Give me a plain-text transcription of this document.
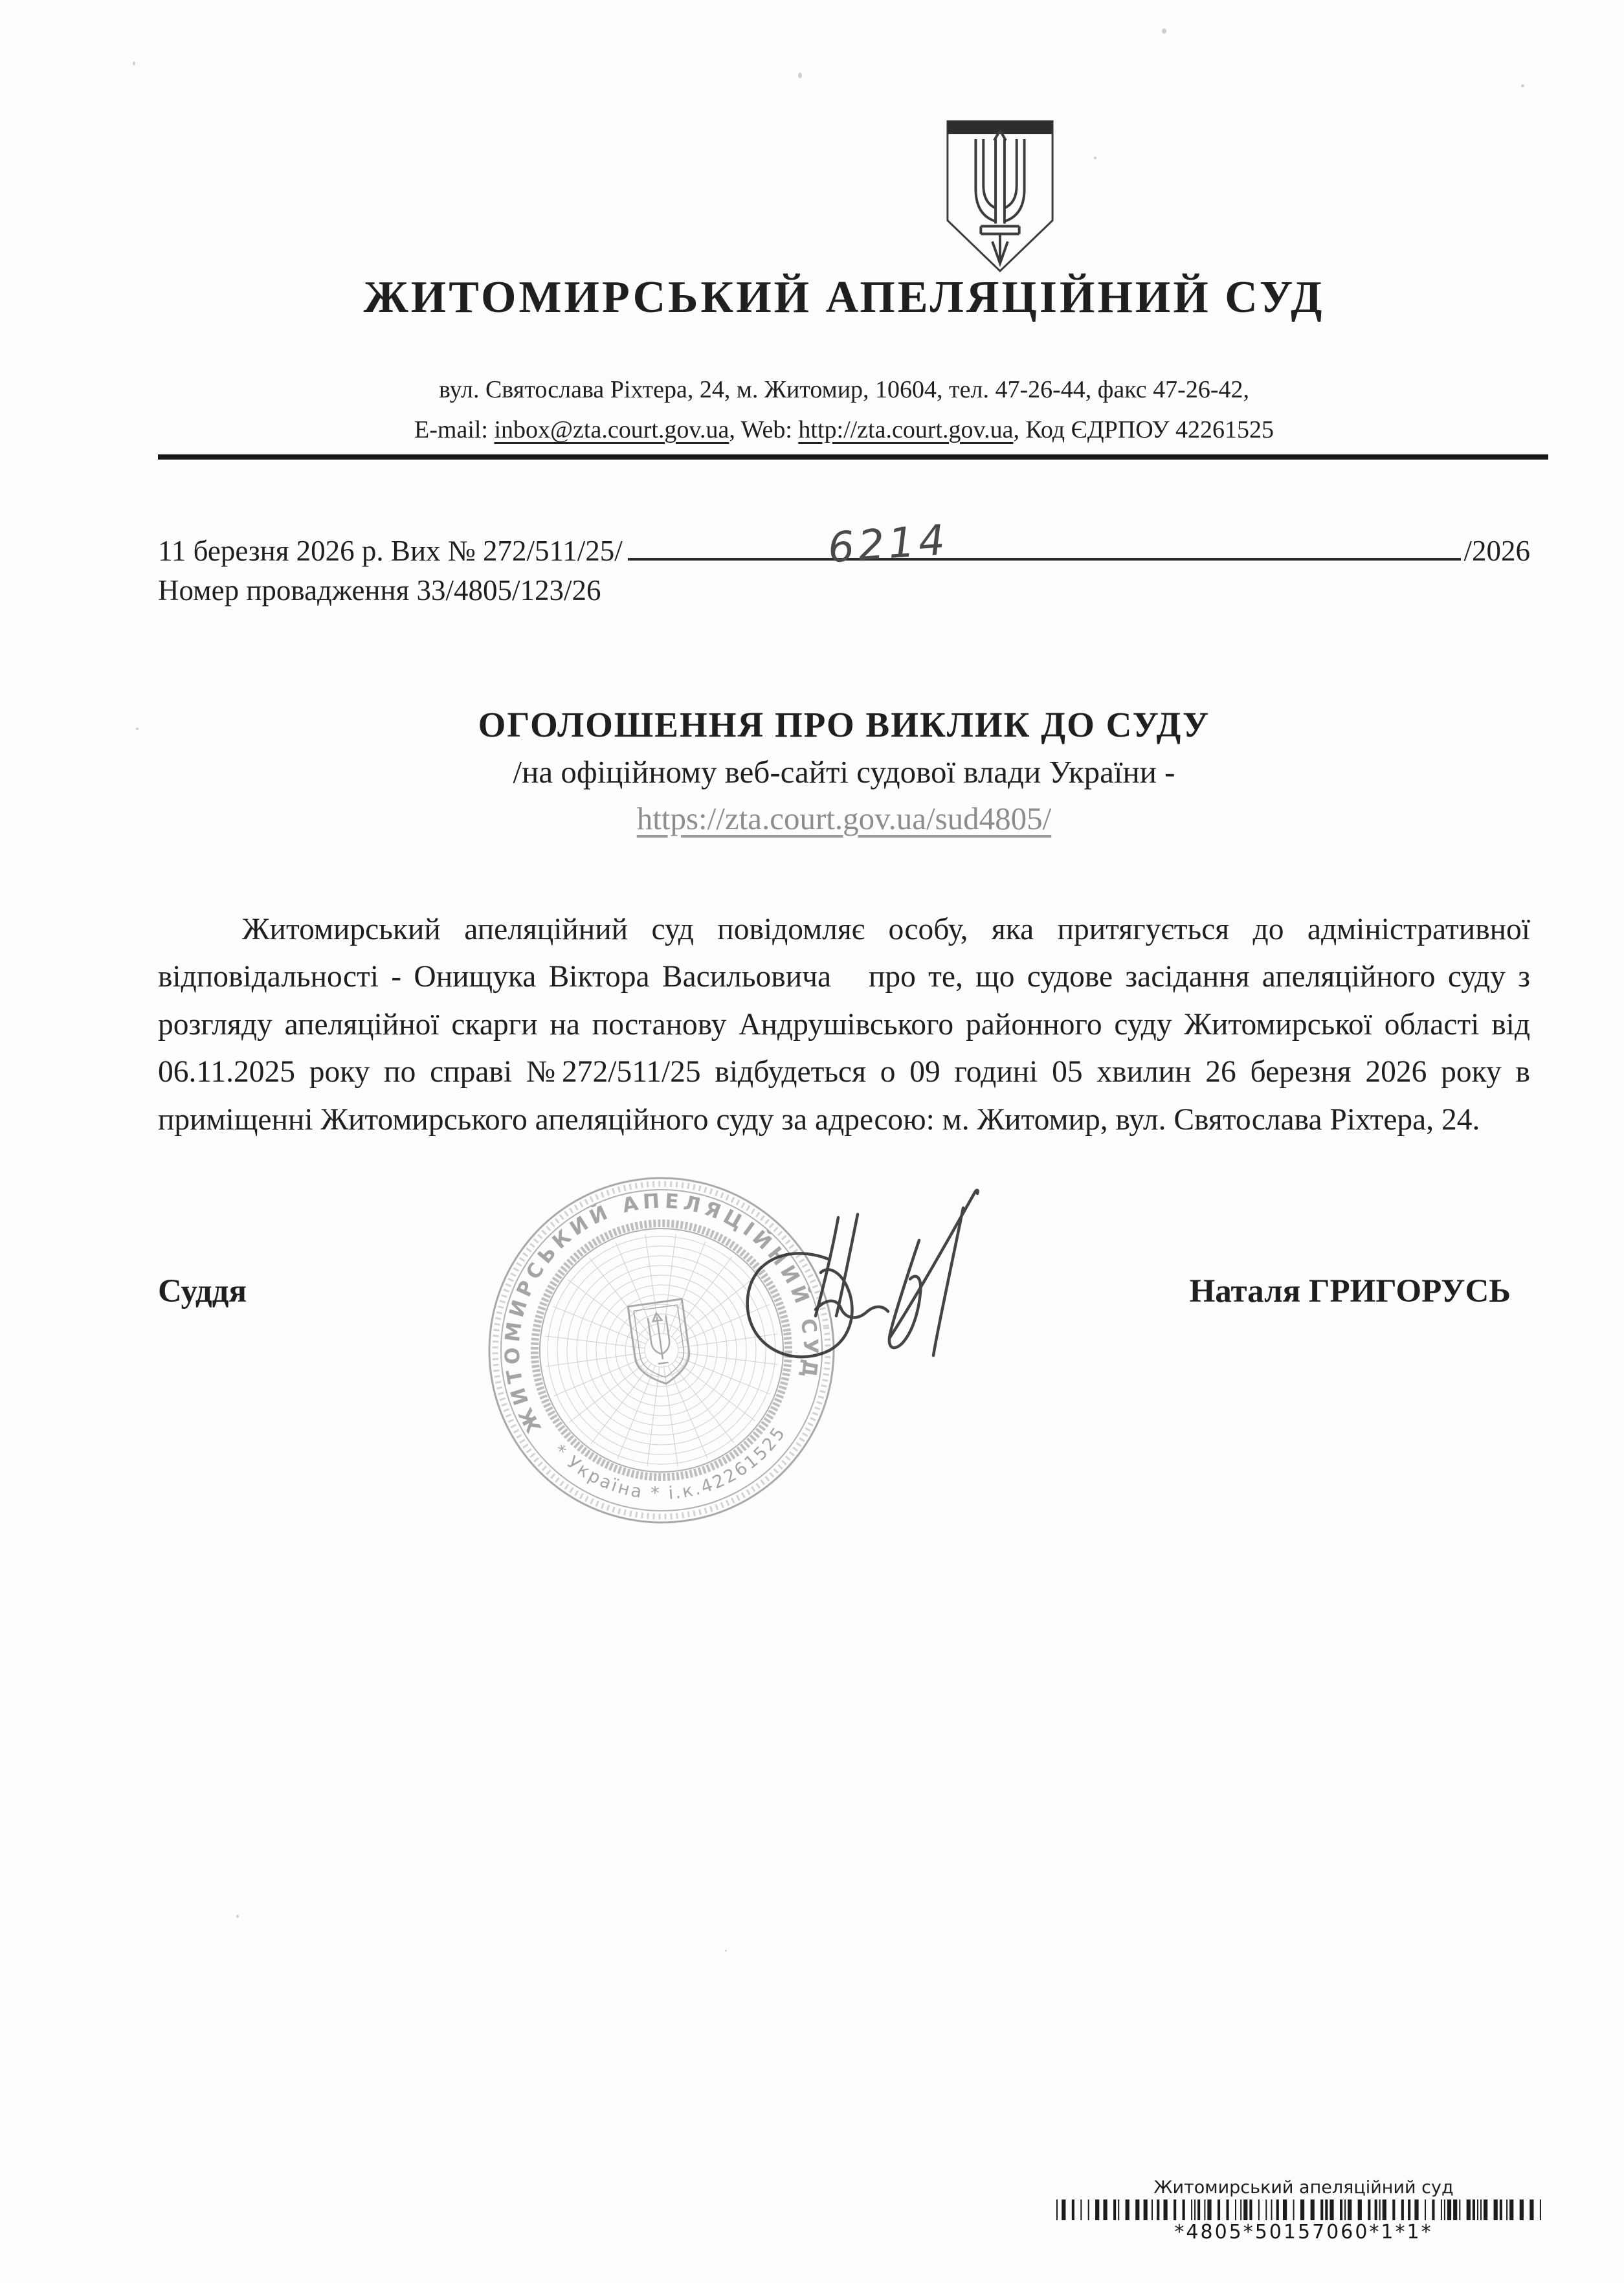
ЖИТОМИРСЬКИЙ АПЕЛЯЦІЙНИЙ СУД
вул. Святослава Ріхтера, 24, м. Житомир, 10604, тел. 47-26-44, факс 47-26-42,
E-mail: inbox@zta.court.gov.ua, Web: http://zta.court.gov.ua, Код ЄДРПОУ 42261525
11 березня 2026 р. Вих № 272/511/25/	6214	/2026
Номер провадження 33/4805/123/26
ОГОЛОШЕННЯ ПРО ВИКЛИК ДО СУДУ
/на офіційному веб-сайті судової влади України -
https://zta.court.gov.ua/sud4805/

Житомирський апеляційний суд повідомляє особу, яка притягується до адміністративної відповідальності - Онищука Віктора Васильовича   про те, що судове засідання апеляційного суду з розгляду апеляційної скарги на постанову Андрушівського районного суду Житомирської області від 06.11.2025 року по справі №272/511/25 відбудеться о 09 годині 05 хвилин 26 березня 2026 року в приміщенні Житомирського апеляційного суду за адресою: м. Житомир, вул. Святослава Ріхтера, 24.

Суддя	Наталя ГРИГОРУСЬ
ЖИТОМИРСЬКИЙ АПЕЛЯЦІЙНИЙ СУД
* Україна * і.к.42261525
Житомирський апеляційний суд
*4805*50157060*1*1*
